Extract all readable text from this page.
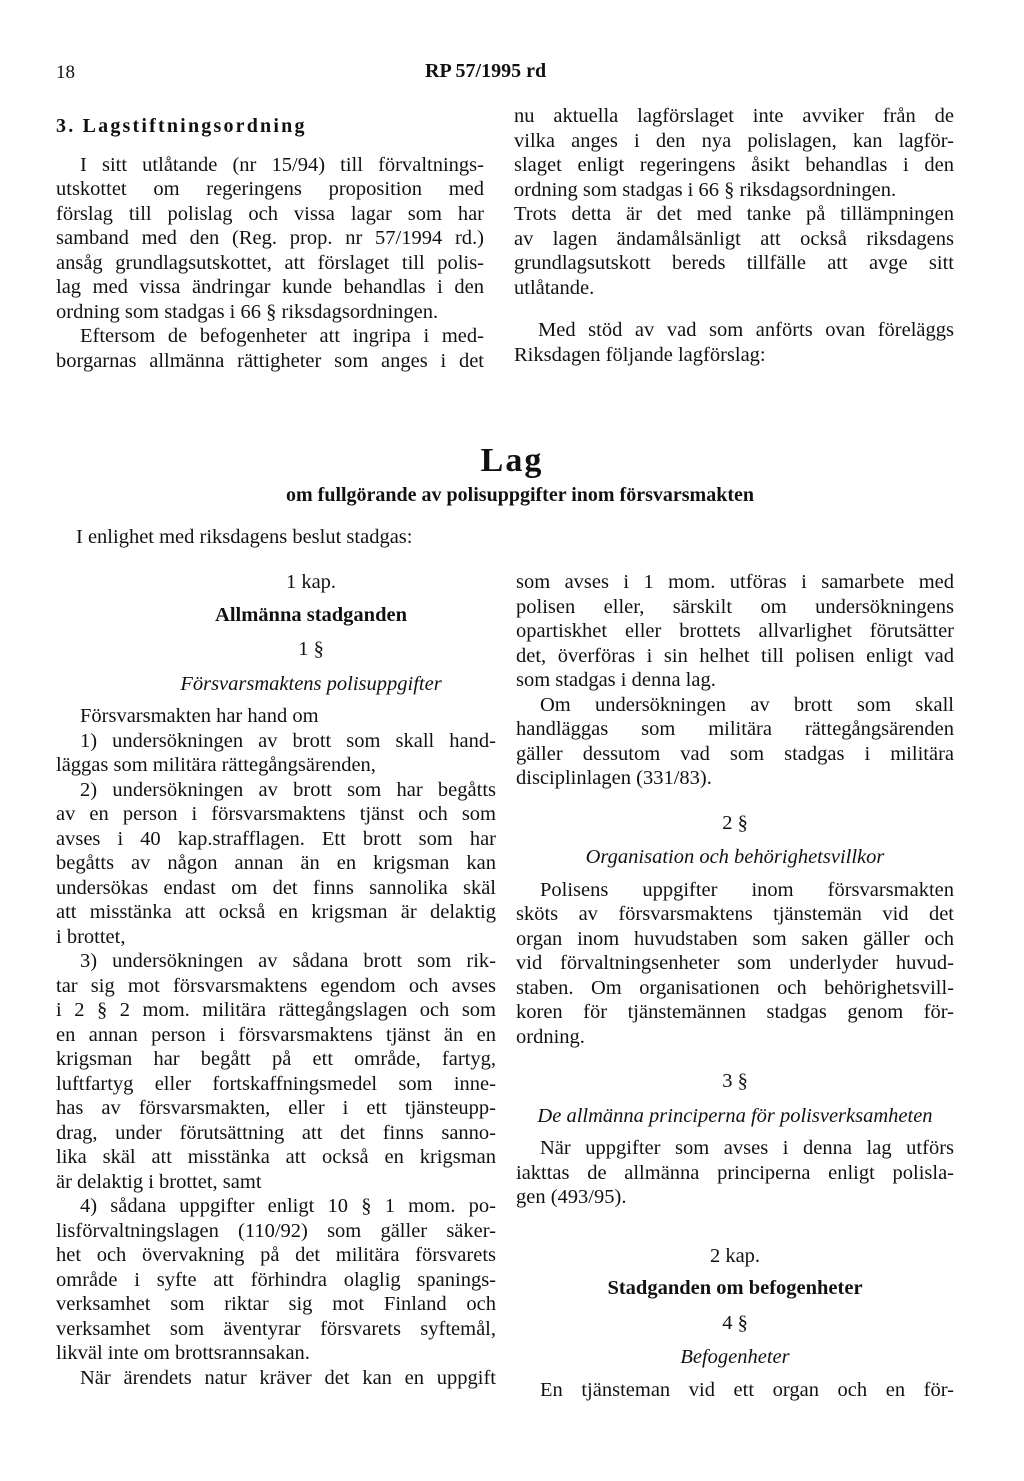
18	RP 57/1995 rd

3. Lagstiftningsordning

I sitt utlåtande (nr 15/94) till förvaltnings-

utskottet om regeringens proposition med

förslag till polislag och vissa lagar som har

samband med den (Reg. prop. nr 57/1994 rd.)

ansåg grundlagsutskottet, att förslaget till polis-

lag med vissa ändringar kunde behandlas i den

ordning som stadgas i 66 § riksdagsordningen.

Eftersom de befogenheter att ingripa i med-

borgarnas allmänna rättigheter som anges i det

nu aktuella lagförslaget inte avviker från de

vilka anges i den nya polislagen, kan lagför-

slaget enligt regeringens åsikt behandlas i den

ordning som stadgas i 66 § riksdagsordningen.

Trots detta är det med tanke på tillämpningen

av lagen ändamålsänligt att också riksdagens

grundlagsutskott bereds tillfälle att avge sitt

utlåtande.

Med stöd av vad som anförts ovan föreläggs

Riksdagen följande lagförslag:

Lag
om fullgörande av polisuppgifter inom försvarsmakten
I enlighet med riksdagens beslut stadgas:

1 kap.

Allmänna stadganden

1 §

Försvarsmaktens polisuppgifter

Försvarsmakten har hand om

1) undersökningen av brott som skall hand-

läggas som militära rättegångsärenden,

2) undersökningen av brott som har begåtts

av en person i försvarsmaktens tjänst och som

avses i 40 kap.strafflagen. Ett brott som har

begåtts av någon annan än en krigsman kan

undersökas endast om det finns sannolika skäl

att misstänka att också en krigsman är delaktig

i brottet,

3) undersökningen av sådana brott som rik-

tar sig mot försvarsmaktens egendom och avses

i 2 § 2 mom. militära rättegångslagen och som

en annan person i försvarsmaktens tjänst än en

krigsman har begått på ett område, fartyg,

luftfartyg eller fortskaffningsmedel som inne-

has av försvarsmakten, eller i ett tjänsteupp-

drag, under förutsättning att det finns sanno-

lika skäl att misstänka att också en krigsman

är delaktig i brottet, samt

4) sådana uppgifter enligt 10 § 1 mom. po-

lisförvaltningslagen (110/92) som gäller säker-

het och övervakning på det militära försvarets

område i syfte att förhindra olaglig spanings-

verksamhet som riktar sig mot Finland och

verksamhet som äventyrar försvarets syftemål,

likväl inte om brottsrannsakan.

När ärendets natur kräver det kan en uppgift

som avses i 1 mom. utföras i samarbete med

polisen eller, särskilt om undersökningens

opartiskhet eller brottets allvarlighet förutsätter

det, överföras i sin helhet till polisen enligt vad

som stadgas i denna lag.

Om undersökningen av brott som skall

handläggas som militära rättegångsärenden

gäller dessutom vad som stadgas i militära

disciplinlagen (331/83).

2 §

Organisation och behörighetsvillkor

Polisens uppgifter inom försvarsmakten

sköts av försvarsmaktens tjänstemän vid det

organ inom huvudstaben som saken gäller och

vid förvaltningsenheter som underlyder huvud-

staben. Om organisationen och behörighetsvill-

koren för tjänstemännen stadgas genom för-

ordning.

3 §

De allmänna principerna för polisverksamheten

När uppgifter som avses i denna lag utförs

iakttas de allmänna principerna enligt polisla-

gen (493/95).

2 kap.

Stadganden om befogenheter

4 §

Befogenheter

En tjänsteman vid ett organ och en för-
